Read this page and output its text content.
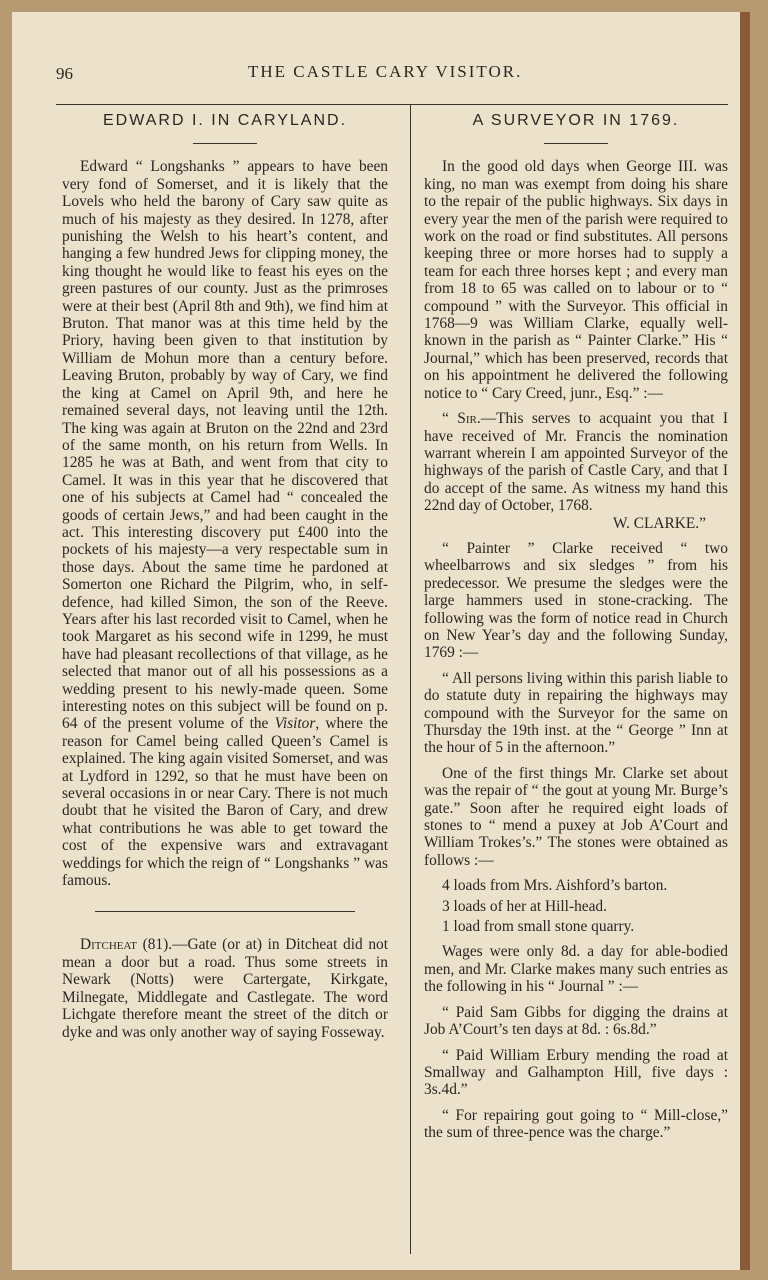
96	THE CASTLE CARY VISITOR.
EDWARD I. IN CARYLAND.

Edward “ Longshanks ” appears to have been very fond of Somerset, and it is likely that the Lovels who held the barony of Cary saw quite as much of his majesty as they desired. In 1278, after punishing the Welsh to his heart’s content, and hanging a few hundred Jews for clipping money, the king thought he would like to feast his eyes on the green pastures of our county. Just as the primroses were at their best (April 8th and 9th), we find him at Bruton. That manor was at this time held by the Priory, having been given to that institution by William de Mohun more than a century before. Leaving Bruton, probably by way of Cary, we find the king at Camel on April 9th, and here he remained several days, not leaving until the 12th. The king was again at Bruton on the 22nd and 23rd of the same month, on his return from Wells. In 1285 he was at Bath, and went from that city to Camel. It was in this year that he discovered that one of his subjects at Camel had “ concealed the goods of certain Jews,” and had been caught in the act. This interesting discovery put £400 into the pockets of his majesty—a very respectable sum in those days. About the same time he pardoned at Somerton one Richard the Pilgrim, who, in self-defence, had killed Simon, the son of the Reeve. Years after his last recorded visit to Camel, when he took Margaret as his second wife in 1299, he must have had pleasant recollections of that village, as he selected that manor out of all his possessions as a wedding present to his newly-made queen. Some interesting notes on this subject will be found on p. 64 of the present volume of the Visitor, where the reason for Camel being called Queen’s Camel is explained. The king again visited Somerset, and was at Lydford in 1292, so that he must have been on several occasions in or near Cary. There is not much doubt that he visited the Baron of Cary, and drew what contributions he was able to get toward the cost of the expensive wars and extravagant weddings for which the reign of “ Longshanks ” was famous.

Ditcheat (81).—Gate (or at) in Ditcheat did not mean a door but a road. Thus some streets in Newark (Notts) were Cartergate, Kirkgate, Milnegate, Middlegate and Castlegate. The word Lichgate therefore meant the street of the ditch or dyke and was only another way of saying Fosseway.

A SURVEYOR IN 1769.

In the good old days when George III. was king, no man was exempt from doing his share to the repair of the public highways. Six days in every year the men of the parish were required to work on the road or find substitutes. All persons keeping three or more horses had to supply a team for each three horses kept ; and every man from 18 to 65 was called on to labour or to “ compound ” with the Surveyor. This official in 1768—9 was William Clarke, equally well-known in the parish as “ Painter Clarke.” His “ Journal,” which has been preserved, records that on his appointment he delivered the following notice to “ Cary Creed, junr., Esq.” :—

“ Sir.—This serves to acquaint you that I have received of Mr. Francis the nomination warrant wherein I am appointed Surveyor of the highways of the parish of Castle Cary, and that I do accept of the same. As witness my hand this 22nd day of October, 1768.

W. CLARKE.”

“ Painter ” Clarke received “ two wheelbarrows and six sledges ” from his predecessor. We presume the sledges were the large hammers used in stone-cracking. The following was the form of notice read in Church on New Year’s day and the following Sunday, 1769 :—

“ All persons living within this parish liable to do statute duty in repairing the highways may compound with the Surveyor for the same on Thursday the 19th inst. at the “ George ” Inn at the hour of 5 in the afternoon.”

One of the first things Mr. Clarke set about was the repair of “ the gout at young Mr. Burge’s gate.” Soon after he required eight loads of stones to “ mend a puxey at Job A’Court and William Trokes’s.” The stones were obtained as follows :—

4 loads from Mrs. Aishford’s barton.
3 loads of her at Hill-head.
1 load from small stone quarry.

Wages were only 8d. a day for able-bodied men, and Mr. Clarke makes many such entries as the following in his “ Journal ” :—

“ Paid Sam Gibbs for digging the drains at Job A’Court’s ten days at 8d. : 6s.8d.”

“ Paid William Erbury mending the road at Smallway and Galhampton Hill, five days : 3s.4d.”

“ For repairing gout going to “ Mill-close,” the sum of three-pence was the charge.”
